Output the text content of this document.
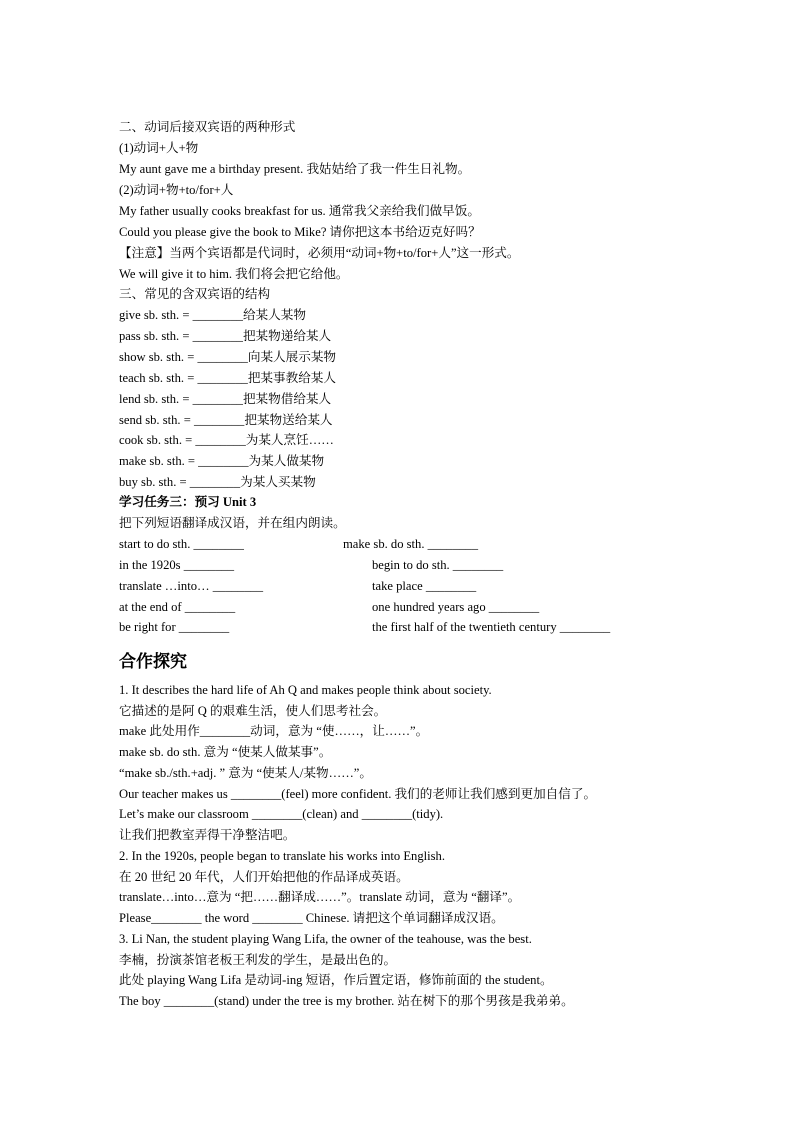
二、动词后接双宾语的两种形式
(1)动词+人+物
My aunt gave me a birthday present. 我姑姑给了我一件生日礼物。
(2)动词+物+to/for+人
My father usually cooks breakfast for us. 通常我父亲给我们做早饭。
Could you please give the book to Mike? 请你把这本书给迈克好吗？
【注意】当两个宾语都是代词时，必须用“动词+物+to/for+人”这一形式。
We will give it to him. 我们将会把它给他。
三、常见的含双宾语的结构
give sb. sth. = ________给某人某物
pass sb. sth. = ________把某物递给某人
show sb. sth. = ________向某人展示某物
teach sb. sth. = ________把某事教给某人
lend sb. sth. = ________把某物借给某人
send sb. sth. = ________把某物送给某人
cook sb. sth. = ________为某人烹饪……
make sb. sth. = ________为某人做某物
buy sb. sth. = ________为某人买某物
学习任务三：预习 Unit 3
把下列短语翻译成汉语，并在组内朗读。
start to do sth. ________	make sb. do sth. ________
in the 1920s ________	begin to do sth. ________
translate …into… ________	take place ________
at the end of ________	one hundred years ago ________
be right for ________	the first half of the twentieth century ________
合作探究
1. It describes the hard life of Ah Q and makes people think about society.
它描述的是阿 Q 的艰难生活，使人们思考社会。
make 此处用作________动词，意为 “使……，让……”。
make sb. do sth. 意为 “使某人做某事”。
“make sb./sth.+adj. ” 意为 “使某人/某物……”。
Our teacher makes us ________(feel) more confident. 我们的老师让我们感到更加自信了。
Let’s make our classroom ________(clean) and ________(tidy).
让我们把教室弄得干净整洁吧。
2. In the 1920s, people began to translate his works into English.
在 20 世纪 20 年代，人们开始把他的作品译成英语。
translate…into…意为 “把……翻译成……”。translate 动词，意为 “翻译”。
Please________ the word ________ Chinese. 请把这个单词翻译成汉语。
3. Li Nan, the student playing Wang Lifa, the owner of the teahouse, was the best.
李楠，扮演茶馆老板王利发的学生，是最出色的。
此处 playing Wang Lifa 是动词-ing 短语，作后置定语，修饰前面的 the student。
The boy ________(stand) under the tree is my brother. 站在树下的那个男孩是我弟弟。
